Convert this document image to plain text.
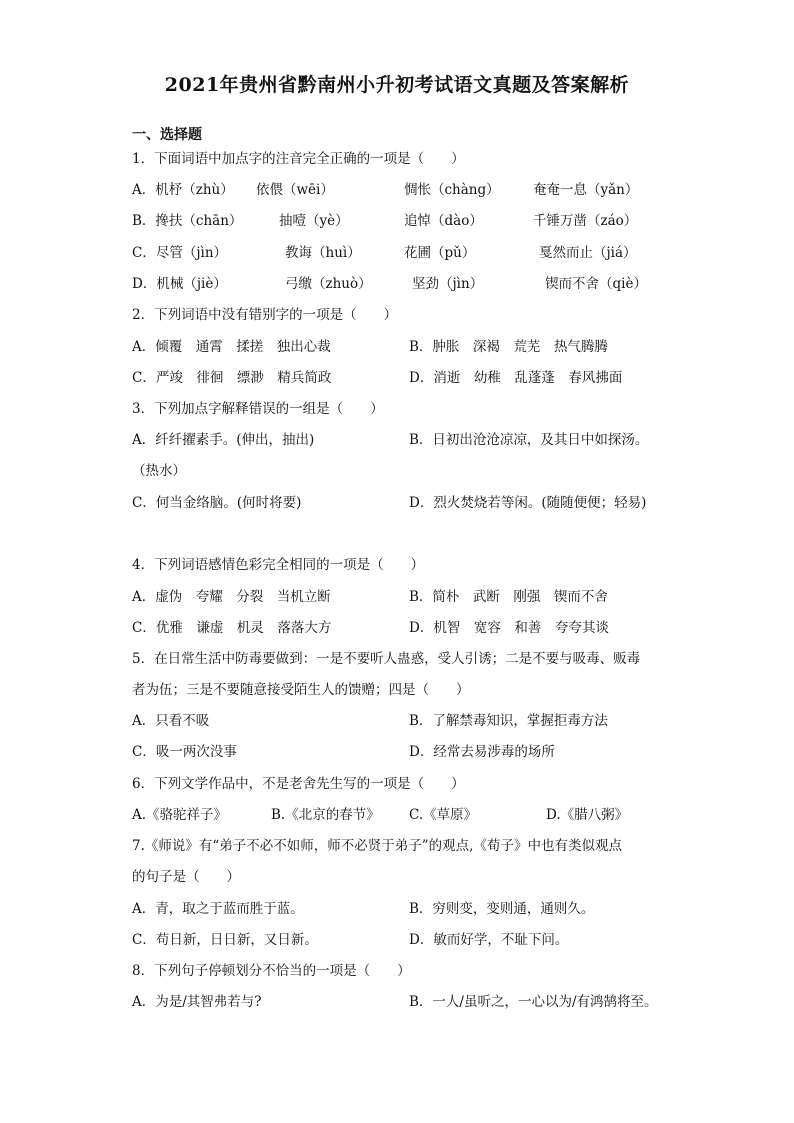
2021年贵州省黔南州小升初考试语文真题及答案解析
一、选择题
1．下面词语中加点字的注音完全正确的一项是（　　）
A．机杼（zhù） 依偎（wēi）	惆怅（chàng） 奄奄一息（yǎn）
B．搀扶（chān）	抽噎（yè）	追悼（dào）	千锤万凿（záo）
C．尽管（jìn）	教诲（huì）	花圃（pǔ）	戛然而止（jiá）
D．机械（jiè）	弓缴（zhuò）	坚劲（jìn）	锲而不舍（qiè）
2．下列词语中没有错别字的一项是（　　）
A．倾覆　通霄　揉搓　独出心裁	B．肿胀　深褐　荒芜　热气腾腾
C．严竣　徘徊　缥渺　精兵简政	D．消逝　幼稚　乱蓬蓬　春风拂面
3．下列加点字解释错误的一组是（　　）
A．纤纤擢素手。(伸出，抽出)	B．日初出沧沧凉凉，及其日中如探汤。
（热水）
C．何当金络脑。(何时将要)	D．烈火焚烧若等闲。(随随便便；轻易)
4．下列词语感情色彩完全相同的一项是（　　）
A．虚伪　夸耀　分裂　当机立断	B．简朴　武断　刚强　锲而不舍
C．优雅　谦虚　机灵　落落大方	D．机智　宽容　和善　夸夸其谈
5．在日常生活中防毒要做到：一是不要听人蛊惑，受人引诱；二是不要与吸毒、贩毒
者为伍；三是不要随意接受陌生人的馈赠；四是（　　）
A．只看不吸	B．了解禁毒知识，掌握拒毒方法
C．吸一两次没事	D．经常去易涉毒的场所
6．下列文学作品中，不是老舍先生写的一项是（　　）
A.《骆驼祥子》	B.《北京的春节》 C.《草原》	D.《腊八粥》
7.《师说》有“弟子不必不如师，师不必贤于弟子”的观点,《荀子》中也有类似观点
的句子是（　　）
A．青，取之于蓝而胜于蓝。	B．穷则变，变则通，通则久。
C．苟日新，日日新，又日新。	D．敏而好学，不耻下问。
8．下列句子停顿划分不恰当的一项是（　　）
A．为是/其智弗若与?	B．一人/虽听之，一心以为/有鸿鹄将至。
